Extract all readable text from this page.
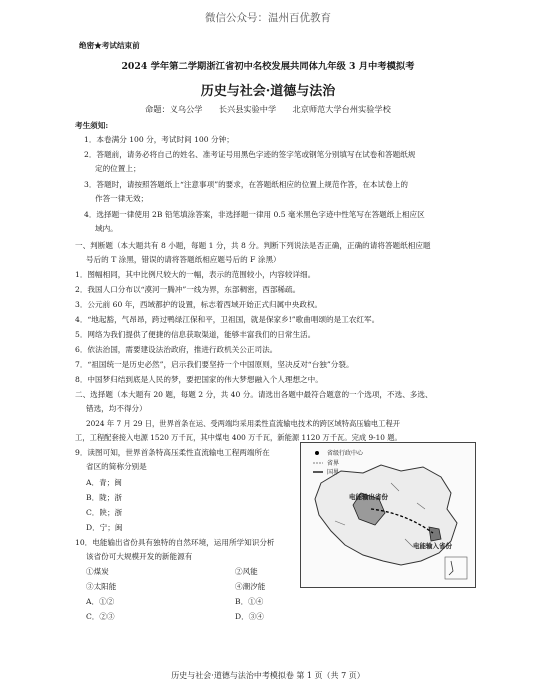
微信公众号：温州百优教育
绝密★考试结束前
2024 学年第二学期浙江省初中名校发展共同体九年级 3 月中考模拟考
历史与社会·道德与法治
命题：义乌公学　　长兴县实验中学　　北京师范大学台州实验学校
考生须知:
1．本卷满分 100 分，考试时间 100 分钟；
2．答题前，请务必将自己的姓名、准考证号用黑色字迹的签字笔或钢笔分别填写在试卷和答题纸规
定的位置上；
3．答题时，请按照答题纸上“注意事项”的要求，在答题纸相应的位置上规范作答，在本试卷上的
作答一律无效；
4．选择题一律使用 2B 铅笔填涂答案，非选择题一律用 0.5 毫米黑色字迹中性笔写在答题纸上相应区
域内。
一、判断题（本大题共有 8 小题，每题 1 分，共 8 分。判断下列说法是否正确，正确的请将答题纸相应题
号后的 T 涂黑，错误的请将答题纸相应题号后的 F 涂黑）
1．图幅相同，其中比例尺较大的一幅，表示的范围较小，内容较详细。
2．我国人口分布以“漠河一腾冲”一线为界，东部稠密，西部稀疏。
3．公元前 60 年，西域都护的设置，标志着西域开始正式归属中央政权。
4．“地起豁，气昂昂，跨过鸭绿江保和平，卫祖国，就是保家乡!”歌曲唱颂的是工农红军。
5．网络为我们提供了便捷的信息获取渠道，能够丰富我们的日常生活。
6．依法治国，需要建设法治政府，推进行政机关公正司法。
7．“祖国统一是历史必然”，启示我们要坚持一个中国原则，坚决反对“台独”分裂。
8．中国梦归结到底是人民的梦，要把国家的伟大梦想融入个人理想之中。
二、选择题（本大题有 20 题，每题 2 分，共 40 分。请选出各题中最符合题意的一个选项，不选、多选、
错选，均不得分）
2024 年 7 月 29 日，世界首条在运、受两端均采用柔性直流输电技术的跨区域特高压输电工程开
工，工程配套接入电源 1520 万千瓦，其中煤电 400 万千瓦，新能源 1120 万千瓦。完成 9-10 题。
9．读图可知，世界首条特高压柔性直流输电工程两端所在
省区的简称分别是
A．青；闽
B．陇；浙
C．陕；浙
D．宁；闽
10．电能输出省份具有独特的自然环境，运用所学知识分析
该省份可大规模开发的新能源有
①煤炭	②风能
③太阳能	④潮汐能
A．①②	B．①④
C．②③	D．③④
省级行政中心
省界
国界
电能输出省份
电能输入省份
历史与社会·道德与法治中考模拟卷 第 1 页（共 7 页）
